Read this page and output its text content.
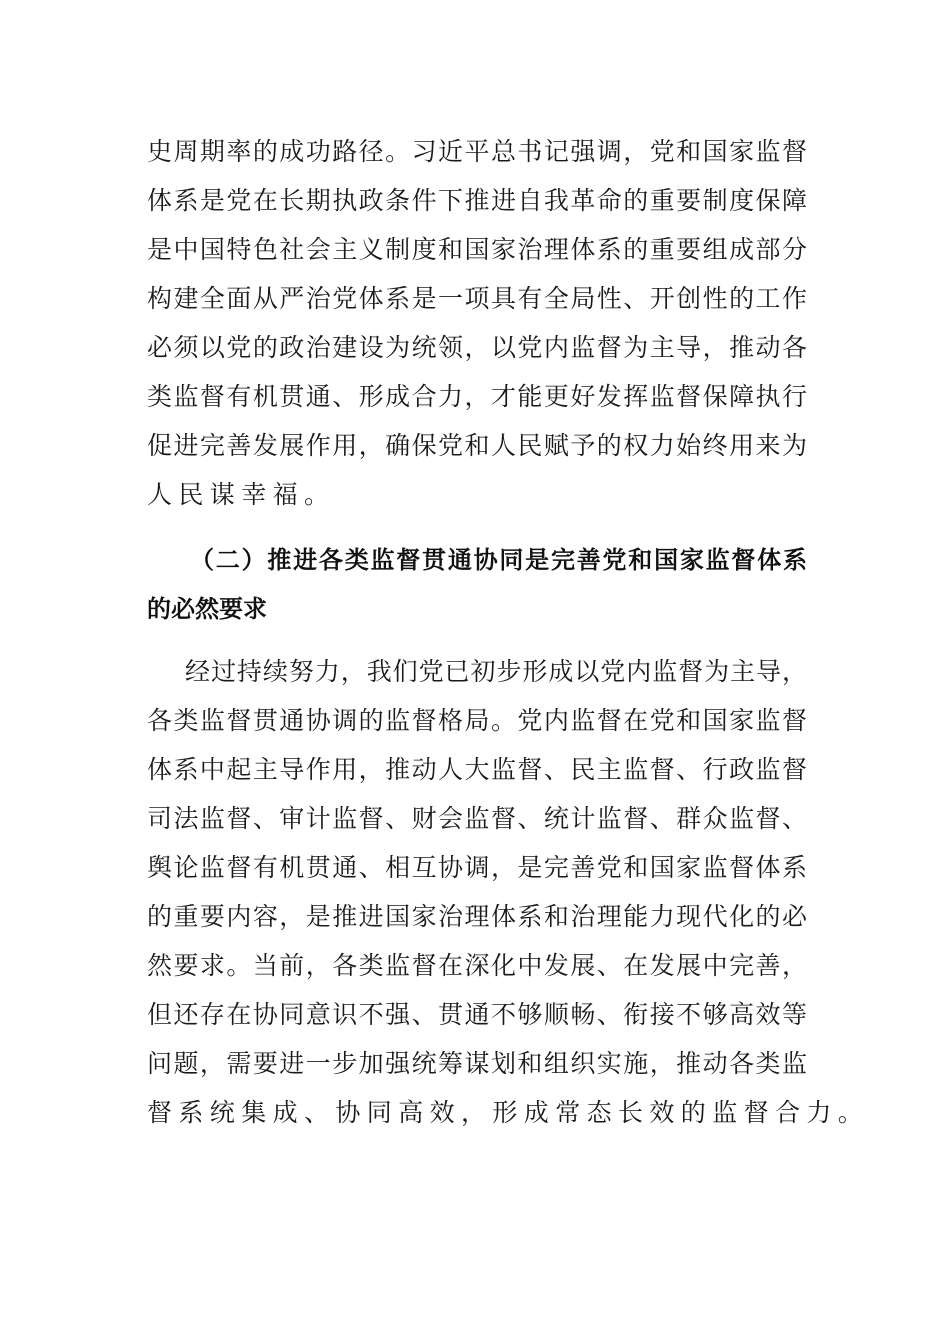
史周期率的成功路径。习近平总书记强调，党和国家监督
体系是党在长期执政条件下推进自我革命的重要制度保障
是中国特色社会主义制度和国家治理体系的重要组成部分
构建全面从严治党体系是一项具有全局性、开创性的工作
必须以党的政治建设为统领，以党内监督为主导，推动各
类监督有机贯通、形成合力，才能更好发挥监督保障执行
促进完善发展作用，确保党和人民赋予的权力始终用来为
人民谋幸福。
（二）推进各类监督贯通协同是完善党和国家监督体系
的必然要求
经过持续努力，我们党已初步形成以党内监督为主导，
各类监督贯通协调的监督格局。党内监督在党和国家监督
体系中起主导作用，推动人大监督、民主监督、行政监督
司法监督、审计监督、财会监督、统计监督、群众监督、
舆论监督有机贯通、相互协调，是完善党和国家监督体系
的重要内容，是推进国家治理体系和治理能力现代化的必
然要求。当前，各类监督在深化中发展、在发展中完善，
但还存在协同意识不强、贯通不够顺畅、衔接不够高效等
问题，需要进一步加强统筹谋划和组织实施，推动各类监
督系统集成、协同高效，形成常态长效的监督合力。
